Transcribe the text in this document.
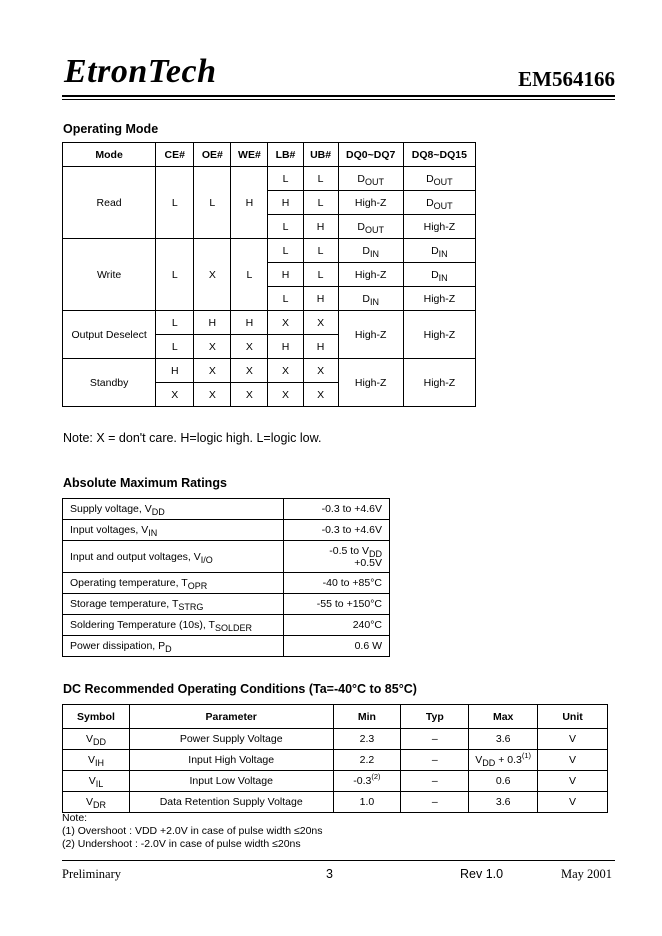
EtronTech	EM564166
Operating Mode
Mode	CE#	OE#	WE#	LB#	UB#	DQ0~DQ7	DQ8~DQ15
Read	L	L	H	L	L	$D_{OUT}$	$D_{OUT}$
				H	L	High-Z	$D_{OUT}$
				L	H	$D_{OUT}$	High-Z
Write	L	X	L	L	L	$D_{IN}$	$D_{IN}$
				H	L	High-Z	$D_{IN}$
				L	H	$D_{IN}$	High-Z
Output Deselect	L	H	H	X	X	High-Z	High-Z
	L	X	X	H	H		
Standby	H	X	X	X	X	High-Z	High-Z
	X	X	X	X	X		
Note: X = don't care. H=logic high. L=logic low.
Absolute Maximum Ratings
Supply voltage, $V_{DD}$	-0.3 to +4.6V
Input voltages, $V_{IN}$	-0.3 to +4.6V
Input and output voltages, $V_{I/O}$	-0.5 to $V_{DD}$
+0.5V
Operating temperature, $T_{OPR}$	-40 to +85°C
Storage temperature, $T_{STRG}$	-55 to +150°C
Soldering Temperature (10s), $T_{SOLDER}$	240°C
Power dissipation, $P_D$	0.6 W
DC Recommended Operating Conditions (Ta=-40°C to 85°C)
Symbol	Parameter	Min	Typ	Max	Unit
$V_{DD}$	Power Supply Voltage	2.3	–	3.6	V
$V_{IH}$	Input High Voltage	2.2	–	$V_{DD} + 0.3^{(1)}$	V
$V_{IL}$	Input Low Voltage	-0.3$^{(2)}$	–	0.6	V
$V_{DR}$	Data Retention Supply Voltage	1.0	–	3.6	V
Note:
(1) Overshoot : VDD +2.0V in case of pulse width ≤20ns
(2) Undershoot : -2.0V in case of pulse width ≤20ns
Preliminary	3	Rev 1.0	May 2001
